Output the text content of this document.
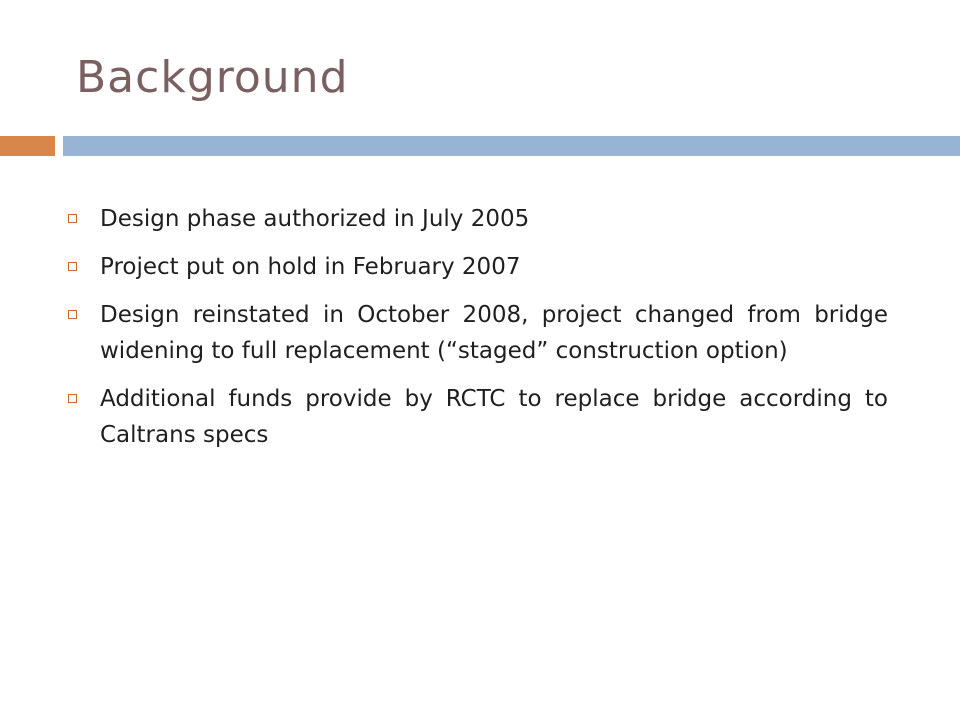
Background
Design phase authorized in July 2005
Project put on hold in February 2007
Design reinstated in October 2008, project changed from bridge widening to full replacement (“staged” construction option)
Additional funds provide by RCTC to replace bridge according to Caltrans specs
